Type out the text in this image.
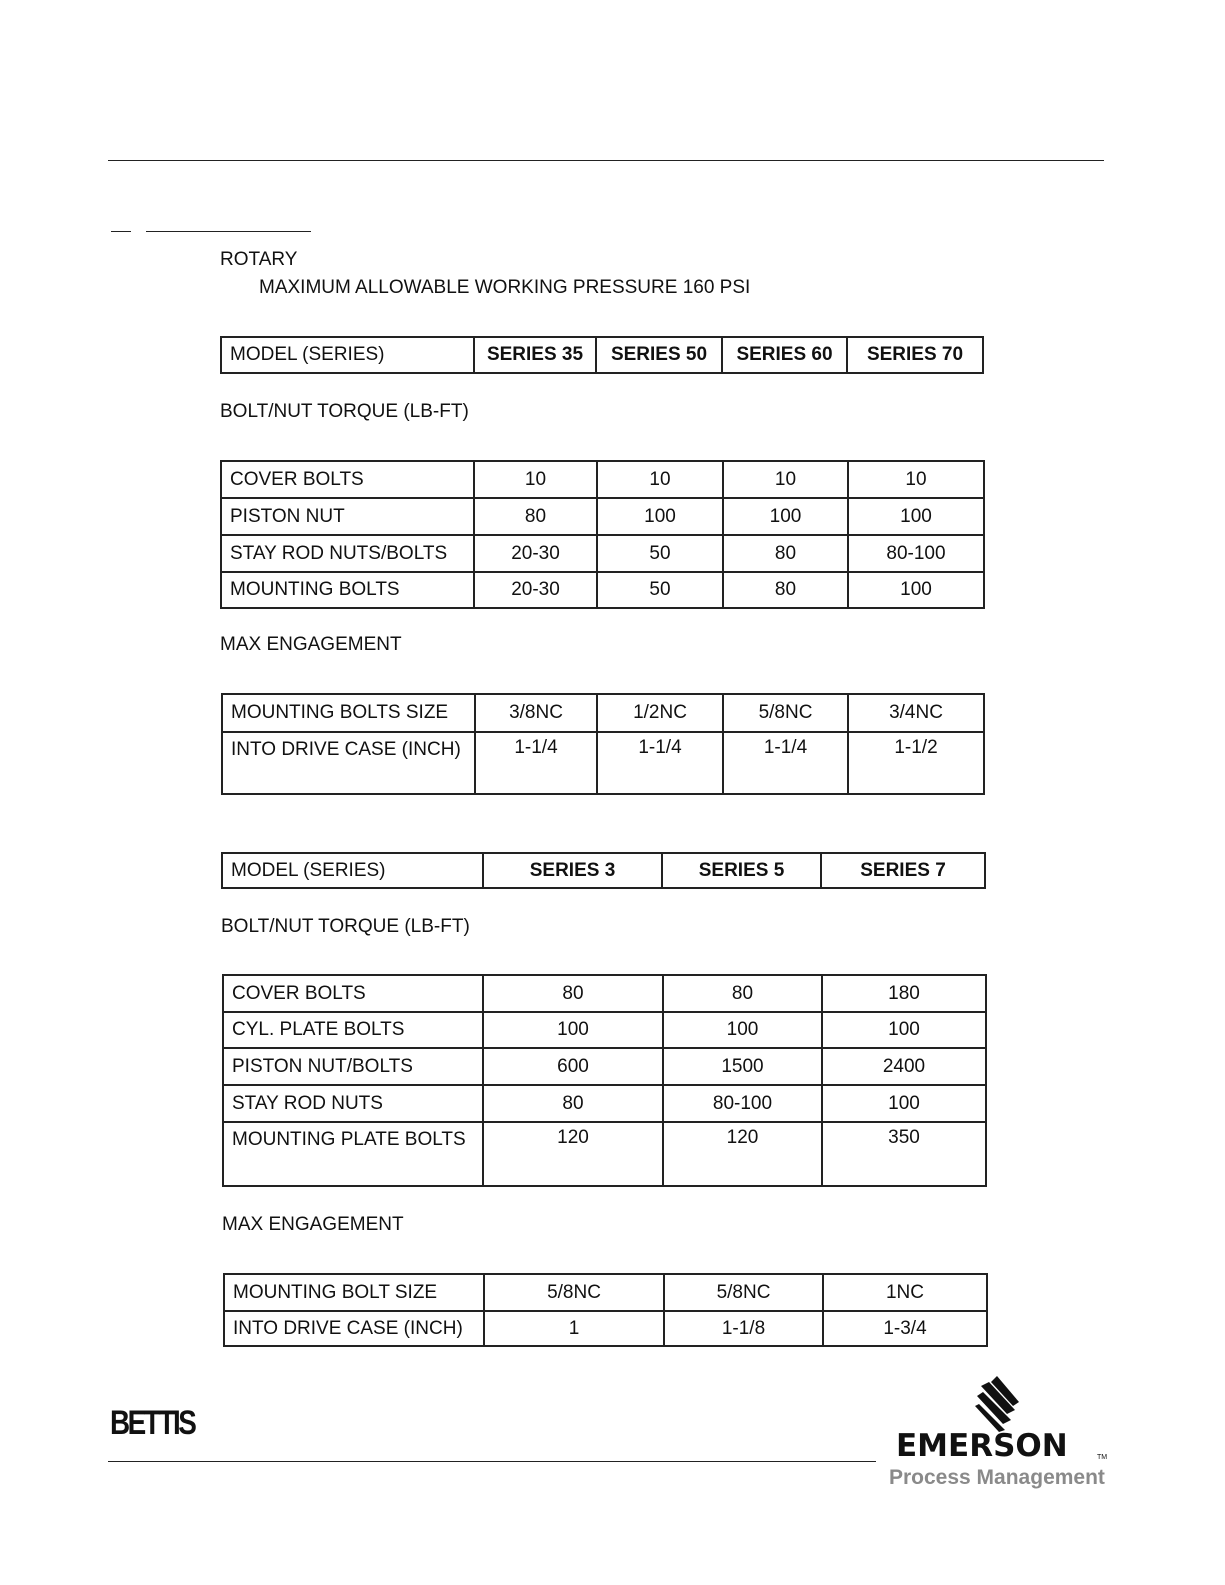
ROTARY
MAXIMUM ALLOWABLE WORKING PRESSURE 160 PSI
MODEL (SERIES)	SERIES 35	SERIES 50	SERIES 60	SERIES 70
BOLT/NUT TORQUE (LB-FT)
COVER BOLTS	10	10	10	10
PISTON NUT	80	100	100	100
STAY ROD NUTS/BOLTS	20-30	50	80	80-100
MOUNTING BOLTS	20-30	50	80	100
MAX ENGAGEMENT
MOUNTING BOLTS SIZE	3/8NC	1/2NC	5/8NC	3/4NC
INTO DRIVE CASE (INCH)	1-1/4	1-1/4	1-1/4	1-1/2
MODEL (SERIES)	SERIES 3	SERIES 5	SERIES 7
BOLT/NUT TORQUE (LB-FT)
COVER BOLTS	80	80	180
CYL. PLATE BOLTS	100	100	100
PISTON NUT/BOLTS	600	1500	2400
STAY ROD NUTS	80	80-100	100
MOUNTING PLATE BOLTS	120	120	350
MAX ENGAGEMENT
MOUNTING BOLT SIZE	5/8NC	5/8NC	1NC
INTO DRIVE CASE (INCH)	1	1-1/8	1-3/4
BETTIS
EMERSON	TM
Process Management
